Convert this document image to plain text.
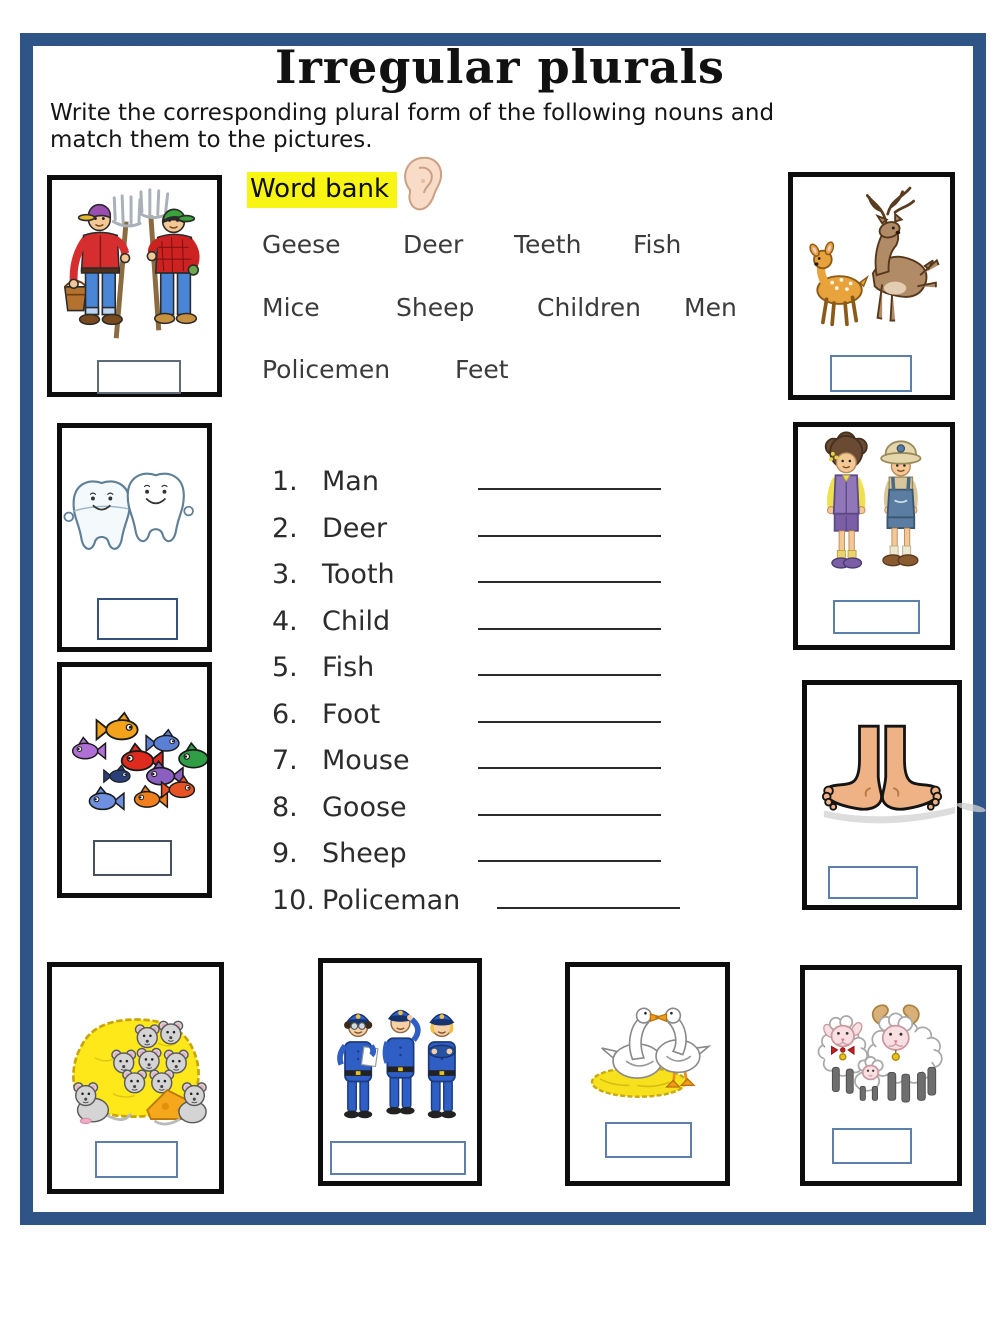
Irregular plurals
Write the corresponding plural form of the following nouns and match them to the pictures.
Word bank
Geese Deer Teeth Fish
Mice	Sheep	Children Men
Policemen	Feet
1. Man
2. Deer
3. Tooth
4. Child
5. Fish
6. Foot
7. Mouse
8. Goose
9. Sheep
10. Policeman
